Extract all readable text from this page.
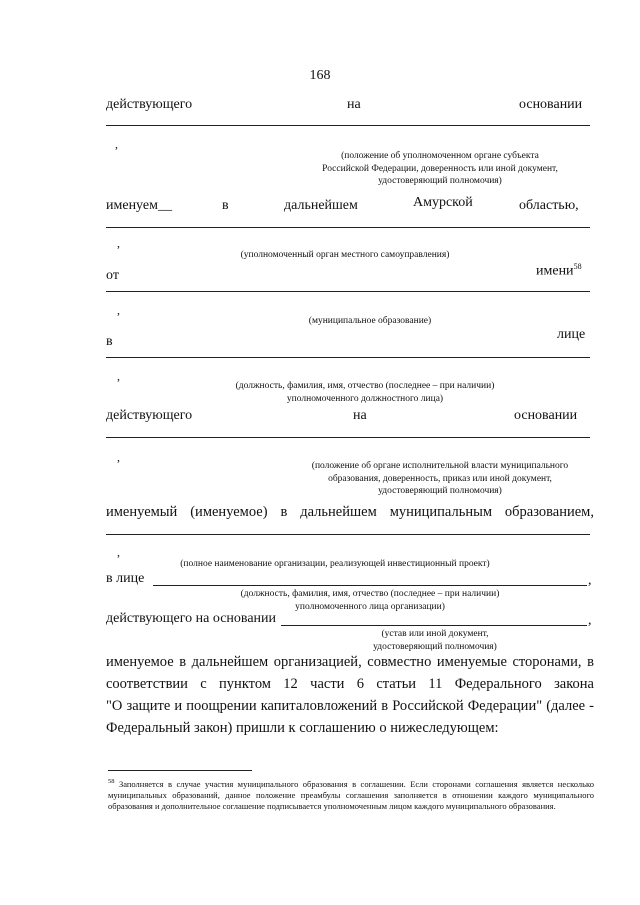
168
действующего	на	основании
,
(положение об уполномоченном органе субъекта
Российской Федерации, доверенность или иной документ,
удостоверяющий полномочия)
именуем__	в	дальнейшем	Амурской	областью,
,
(уполномоченный орган местного самоуправления)
от	имени$^{58}$
,
(муниципальное образование)
в	лице
,
(должность, фамилия, имя, отчество (последнее – при наличии)
уполномоченного должностного лица)
действующего	на	основании
,
(положение об органе исполнительной власти муниципального
образования, доверенность, приказ или иной документ,
удостоверяющий полномочия)
именуемый (именуемое) в дальнейшем муниципальным образованием,
,
(полное наименование организации, реализующей инвестиционный проект)
в лице	,
(должность, фамилия, имя, отчество (последнее – при наличии)
уполномоченного лица организации)
действующего на основании	,
(устав или иной документ,
удостоверяющий полномочия)
именуемое в дальнейшем организацией, совместно именуемые сторонами, в
соответствии с пунктом 12 части 6 статьи 11 Федерального закона
"О защите и поощрении капиталовложений в Российской Федерации" (далее -
Федеральный закон) пришли к соглашению о нижеследующем:
$^{58}$ Заполняется в случае участия муниципального образования в соглашении. Если сторонами соглашения является несколько муниципальных образований, данное положение преамбулы соглашения заполняется в отношении каждого муниципального образования и дополнительное соглашение подписывается уполномоченным лицом каждого муниципального образования.
